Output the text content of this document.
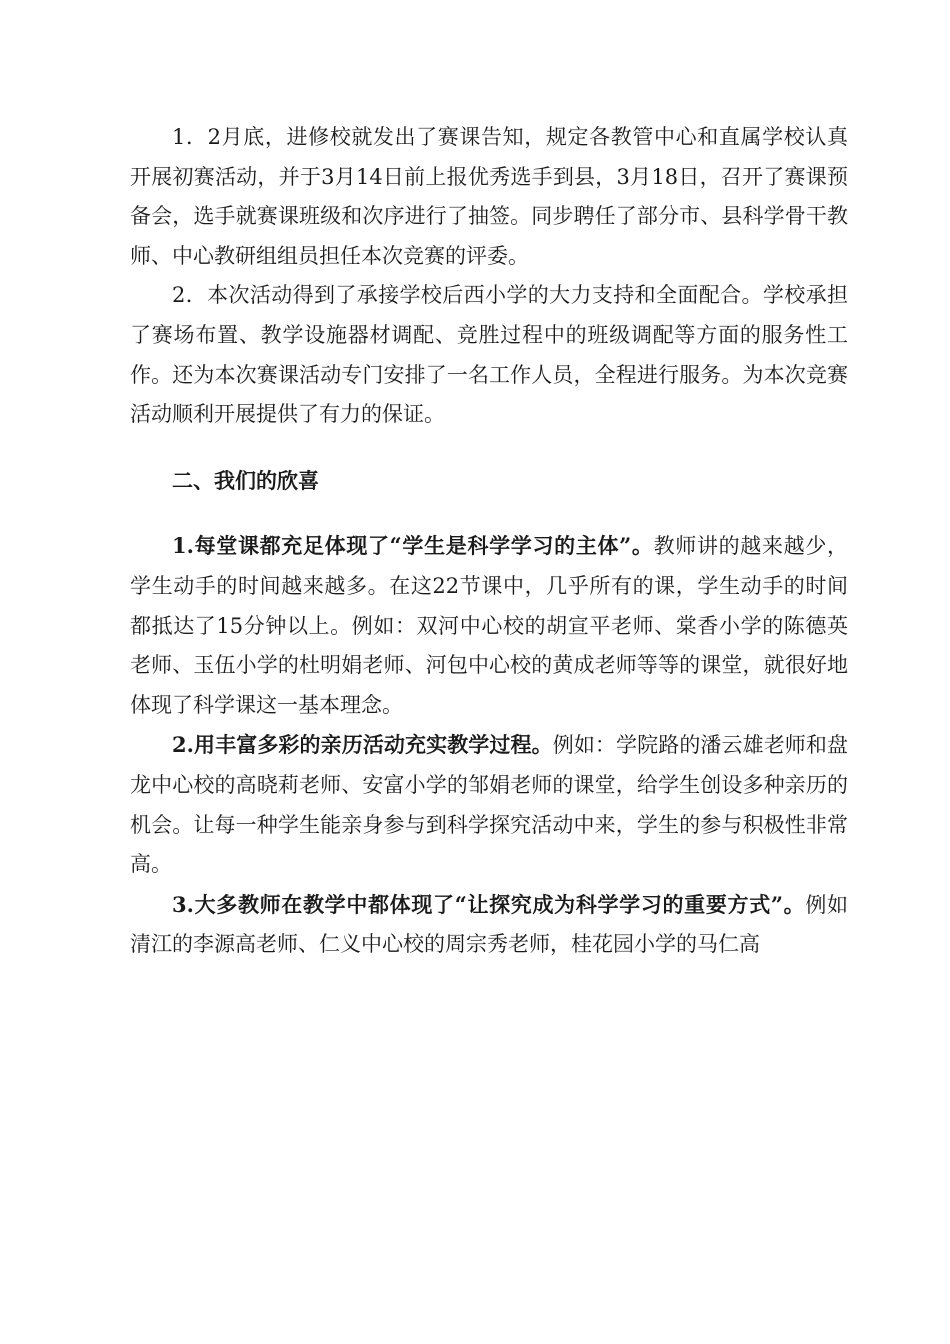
1．2月底，进修校就发出了赛课告知，规定各教管中心和直属学校认真开展初赛活动，并于3月14日前上报优秀选手到县，3月18日，召开了赛课预备会，选手就赛课班级和次序进行了抽签。同步聘任了部分市、县科学骨干教师、中心教研组组员担任本次竞赛的评委。

2．本次活动得到了承接学校后西小学的大力支持和全面配合。学校承担了赛场布置、教学设施器材调配、竞胜过程中的班级调配等方面的服务性工作。还为本次赛课活动专门安排了一名工作人员，全程进行服务。为本次竞赛活动顺利开展提供了有力的保证。

二、我们的欣喜

1.每堂课都充足体现了“学生是科学学习的主体”。教师讲的越来越少，学生动手的时间越来越多。在这22节课中，几乎所有的课，学生动手的时间都抵达了15分钟以上。例如：双河中心校的胡宣平老师、棠香小学的陈德英老师、玉伍小学的杜明娟老师、河包中心校的黄成老师等等的课堂，就很好地体现了科学课这一基本理念。

2.用丰富多彩的亲历活动充实教学过程。例如：学院路的潘云雄老师和盘龙中心校的高晓莉老师、安富小学的邹娟老师的课堂，给学生创设多种亲历的机会。让每一种学生能亲身参与到科学探究活动中来，学生的参与积极性非常高。

3.大多教师在教学中都体现了“让探究成为科学学习的重要方式”。例如清江的李源高老师、仁义中心校的周宗秀老师，桂花园小学的马仁高
